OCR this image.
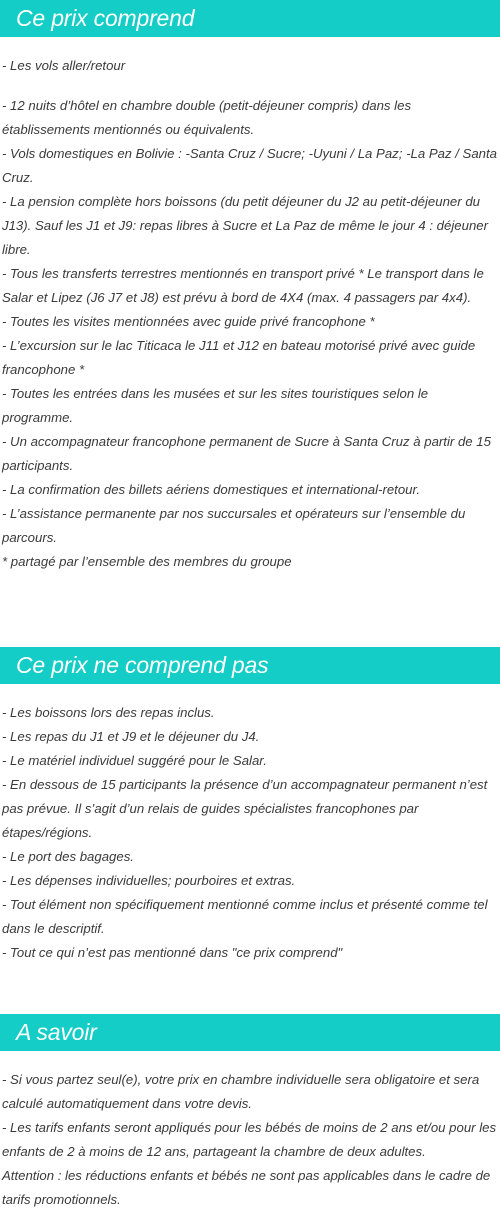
Ce prix comprend
- Les vols aller/retour
- 12 nuits d’hôtel en chambre double (petit-déjeuner compris) dans les établissements mentionnés ou équivalents.
- Vols domestiques en Bolivie : -Santa Cruz / Sucre; -Uyuni / La Paz; -La Paz / Santa Cruz.
- La pension complète hors boissons (du petit déjeuner du J2 au petit-déjeuner du J13). Sauf les J1 et J9: repas libres à Sucre et La Paz de même le jour 4 : déjeuner libre.
- Tous les transferts terrestres mentionnés en transport privé * Le transport dans le Salar et Lipez (J6 J7 et J8) est prévu à bord de 4X4 (max. 4 passagers par 4x4).
- Toutes les visites mentionnées avec guide privé francophone *
- L’excursion sur le lac Titicaca le J11 et J12 en bateau motorisé privé avec guide francophone *
- Toutes les entrées dans les musées et sur les sites touristiques selon le programme.
- Un accompagnateur francophone permanent de Sucre à Santa Cruz à partir de 15 participants.
- La confirmation des billets aériens domestiques et international-retour.
- L’assistance permanente par nos succursales et opérateurs sur l’ensemble du parcours.
* partagé par l’ensemble des membres du groupe
Ce prix ne comprend pas
- Les boissons lors des repas inclus.
- Les repas du J1 et J9 et le déjeuner du J4.
- Le matériel individuel suggéré pour le Salar.
- En dessous de 15 participants la présence d’un accompagnateur permanent n’est pas prévue. Il s’agit d’un relais de guides spécialistes francophones par étapes/régions.
- Le port des bagages.
- Les dépenses individuelles; pourboires et extras.
- Tout élément non spécifiquement mentionné comme inclus et présenté comme tel dans le descriptif.
- Tout ce qui n’est pas mentionné dans "ce prix comprend"
A savoir
- Si vous partez seul(e), votre prix en chambre individuelle sera obligatoire et sera calculé automatiquement dans votre devis.
- Les tarifs enfants seront appliqués pour les bébés de moins de 2 ans et/ou pour les enfants de 2 à moins de 12 ans, partageant la chambre de deux adultes.
Attention : les réductions enfants et bébés ne sont pas applicables dans le cadre de tarifs promotionnels.
